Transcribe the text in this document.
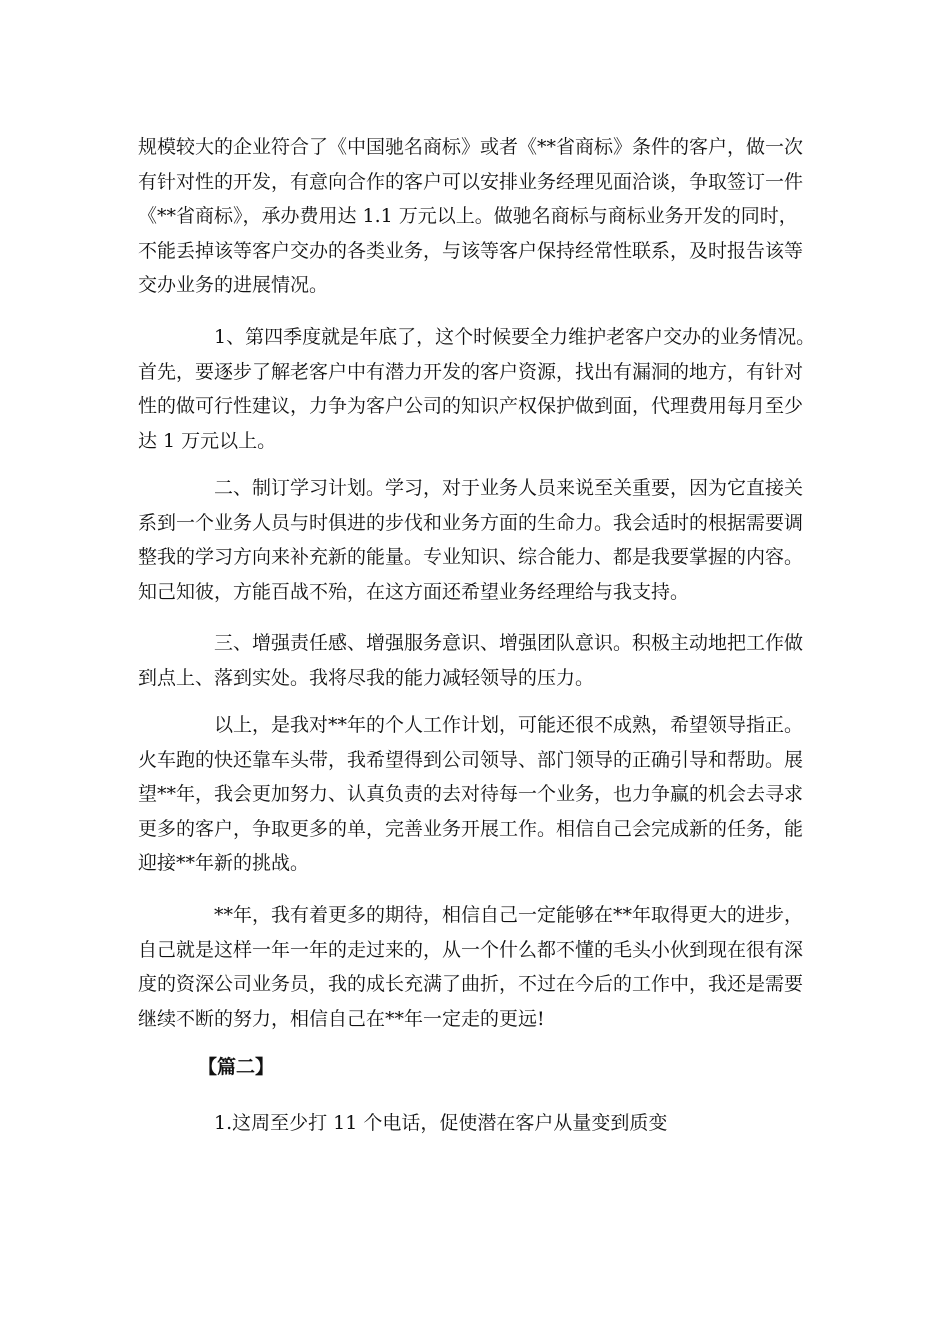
规模较大的企业符合了《中国驰名商标》或者《**省商标》条件的客户，做一次
有针对性的开发，有意向合作的客户可以安排业务经理见面洽谈，争取签订一件
《**省商标》，承办费用达 1.1 万元以上。做驰名商标与商标业务开发的同时，
不能丢掉该等客户交办的各类业务，与该等客户保持经常性联系，及时报告该等
交办业务的进展情况。
1、第四季度就是年底了，这个时候要全力维护老客户交办的业务情况。
首先，要逐步了解老客户中有潜力开发的客户资源，找出有漏洞的地方，有针对
性的做可行性建议，力争为客户公司的知识产权保护做到面，代理费用每月至少
达 1 万元以上。
二、制订学习计划。学习，对于业务人员来说至关重要，因为它直接关
系到一个业务人员与时俱进的步伐和业务方面的生命力。我会适时的根据需要调
整我的学习方向来补充新的能量。专业知识、综合能力、都是我要掌握的内容。
知己知彼，方能百战不殆，在这方面还希望业务经理给与我支持。
三、增强责任感、增强服务意识、增强团队意识。积极主动地把工作做
到点上、落到实处。我将尽我的能力减轻领导的压力。
以上，是我对**年的个人工作计划，可能还很不成熟，希望领导指正。
火车跑的快还靠车头带，我希望得到公司领导、部门领导的正确引导和帮助。展
望**年，我会更加努力、认真负责的去对待每一个业务，也力争赢的机会去寻求
更多的客户，争取更多的单，完善业务开展工作。相信自己会完成新的任务，能
迎接**年新的挑战。
**年，我有着更多的期待，相信自己一定能够在**年取得更大的进步，
自己就是这样一年一年的走过来的，从一个什么都不懂的毛头小伙到现在很有深
度的资深公司业务员，我的成长充满了曲折，不过在今后的工作中，我还是需要
继续不断的努力，相信自己在**年一定走的更远!
【篇二】
1.这周至少打 11 个电话，促使潜在客户从量变到质变
